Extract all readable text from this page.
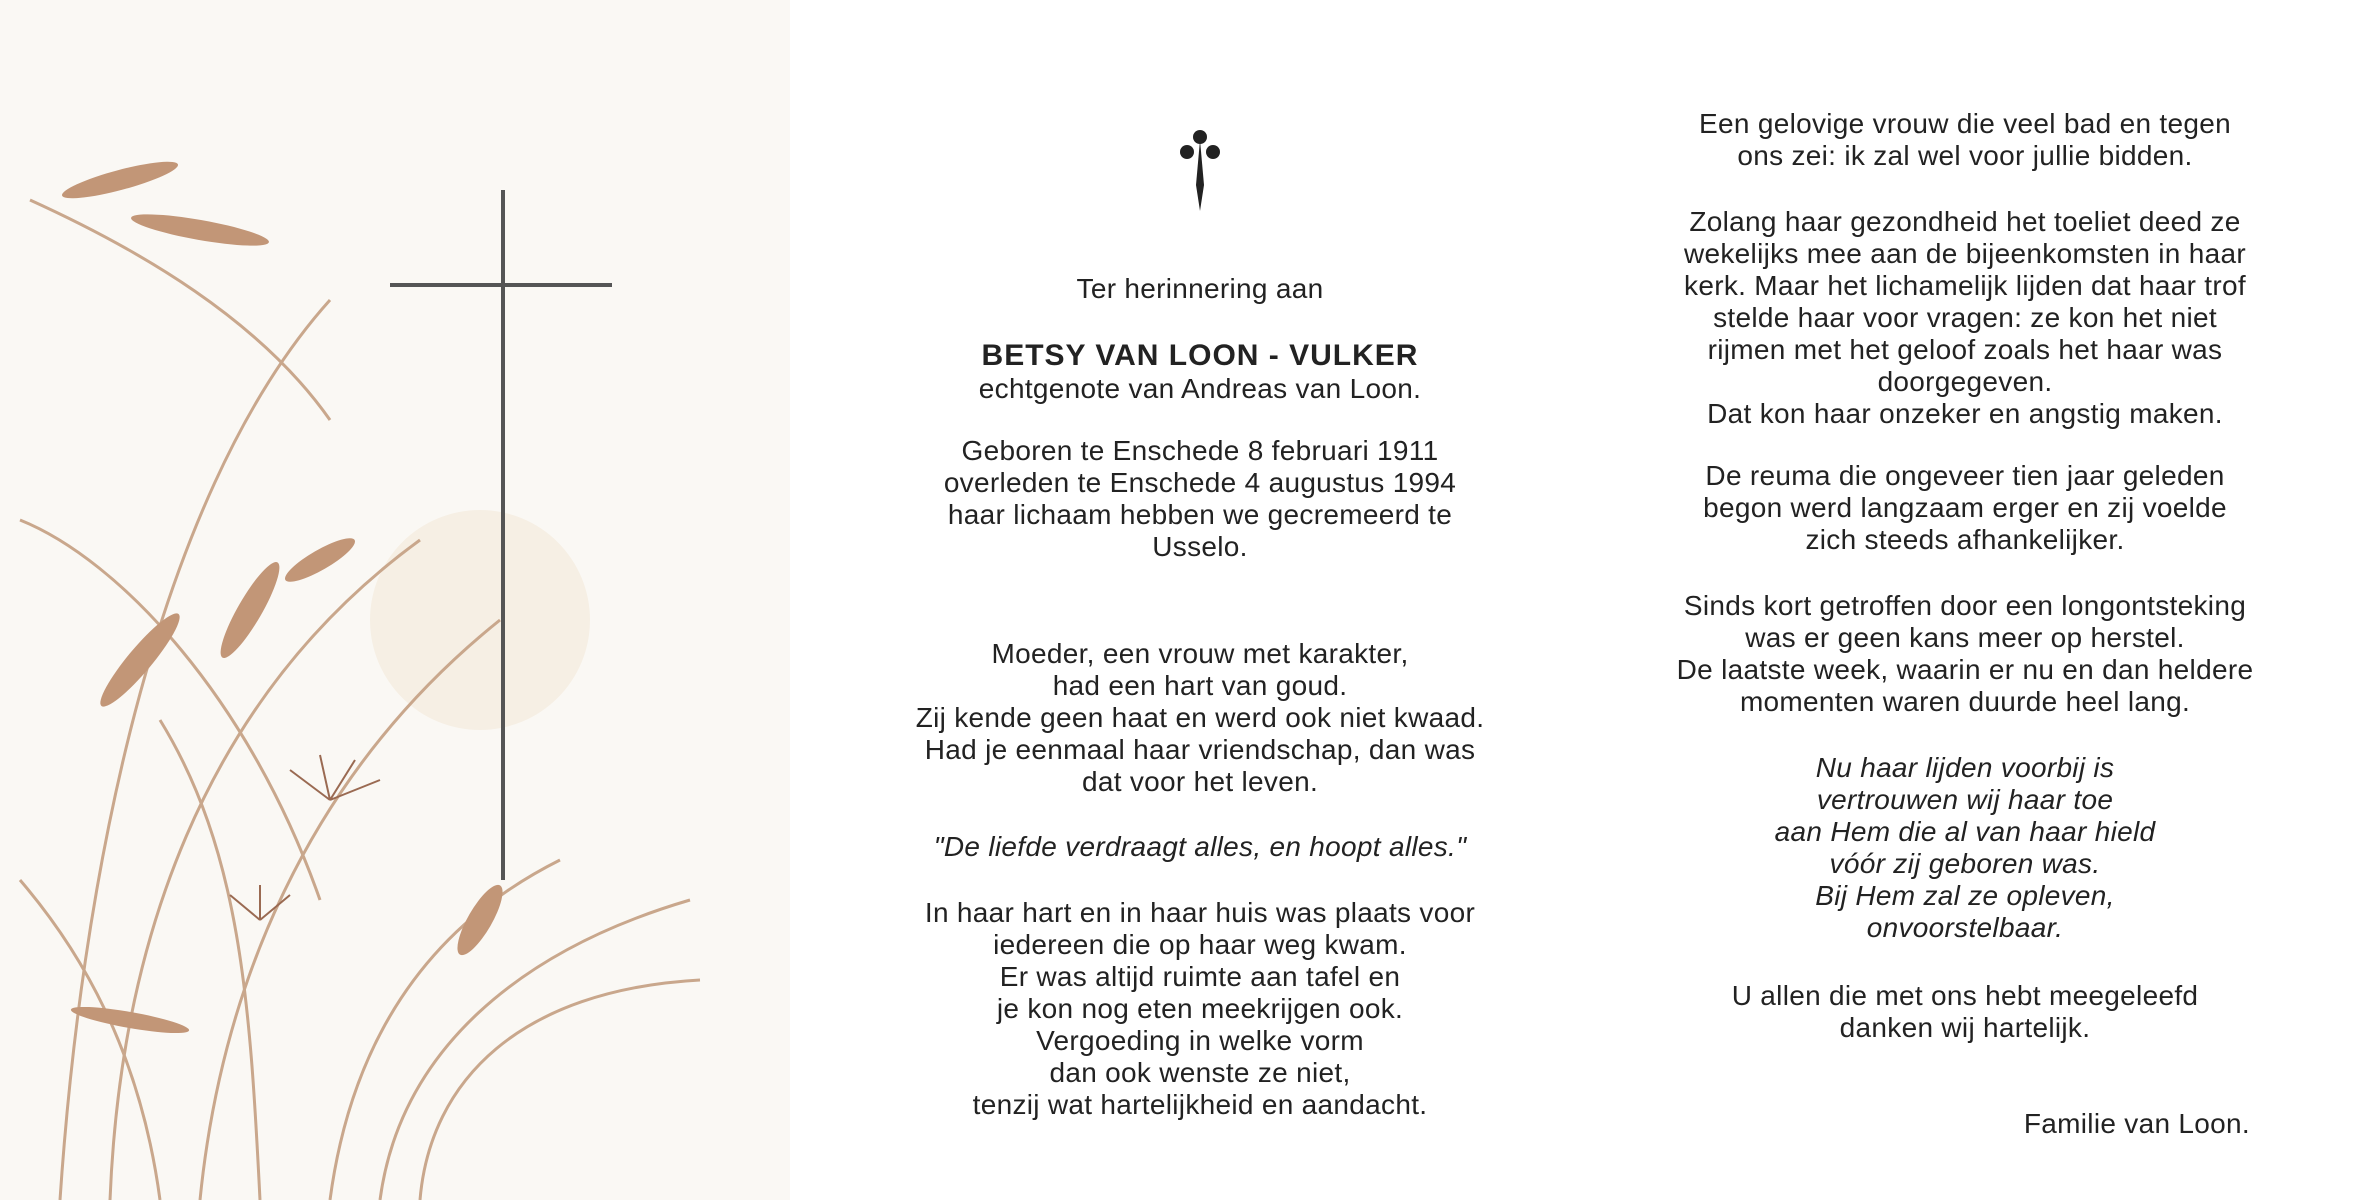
Ter herinnering aan

BETSY VAN LOON - VULKER

echtgenote van Andreas van Loon.

Geboren te Enschede 8 februari 1911
overleden te Enschede 4 augustus 1994
haar lichaam hebben we gecremeerd te
Usselo.

Moeder, een vrouw met karakter,
had een hart van goud.
Zij kende geen haat en werd ook niet kwaad.
Had je eenmaal haar vriendschap, dan was
dat voor het leven.

"De liefde verdraagt alles, en hoopt alles."

In haar hart en in haar huis was plaats voor
iedereen die op haar weg kwam.
Er was altijd ruimte aan tafel en
je kon nog eten meekrijgen ook.
Vergoeding in welke vorm
dan ook wenste ze niet,
tenzij wat hartelijkheid en aandacht.

Een gelovige vrouw die veel bad en tegen
ons zei: ik zal wel voor jullie bidden.

Zolang haar gezondheid het toeliet deed ze
wekelijks mee aan de bijeenkomsten in haar
kerk. Maar het lichamelijk lijden dat haar trof
stelde haar voor vragen: ze kon het niet
rijmen met het geloof zoals het haar was
doorgegeven.
Dat kon haar onzeker en angstig maken.

De reuma die ongeveer tien jaar geleden
begon werd langzaam erger en zij voelde
zich steeds afhankelijker.

Sinds kort getroffen door een longontsteking
was er geen kans meer op herstel.
De laatste week, waarin er nu en dan heldere
momenten waren duurde heel lang.

Nu haar lijden voorbij is
vertrouwen wij haar toe
aan Hem die al van haar hield
vóór zij geboren was.
Bij Hem zal ze opleven,
onvoorstelbaar.

U allen die met ons hebt meegeleefd
danken wij hartelijk.

Familie van Loon.
